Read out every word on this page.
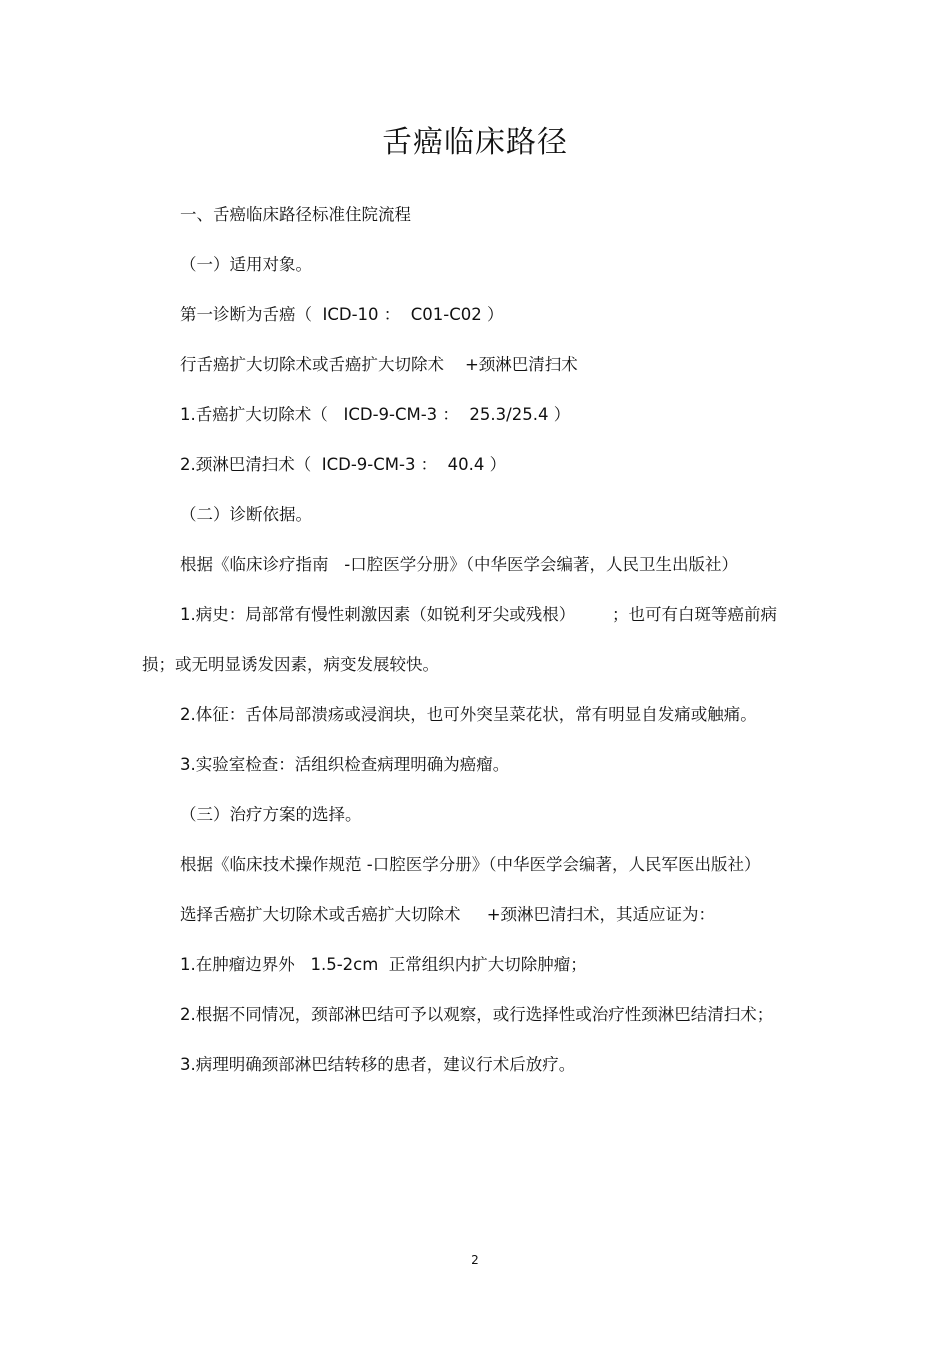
舌癌临床路径

一、舌癌临床路径标准住院流程

（一）适用对象。

第一诊断为舌癌（  ICD-10 ：  C01-C02 ）

行舌癌扩大切除术或舌癌扩大切除术    +颈淋巴清扫术

1.舌癌扩大切除术（   ICD-9-CM-3 ：  25.3/25.4 ）

2.颈淋巴清扫术（  ICD-9-CM-3 ：  40.4 ）

（二）诊断依据。

根据《临床诊疗指南   -口腔医学分册》（中华医学会编著，人民卫生出版社）

1.病史：局部常有慢性刺激因素（如锐利牙尖或残根）       ；也可有白斑等癌前病损；或无明显诱发因素，病变发展较快。

2.体征：舌体局部溃疡或浸润块，也可外突呈菜花状，常有明显自发痛或触痛。

3.实验室检查：活组织检查病理明确为癌瘤。

（三）治疗方案的选择。

根据《临床技术操作规范 -口腔医学分册》（中华医学会编著，人民军医出版社）

选择舌癌扩大切除术或舌癌扩大切除术     +颈淋巴清扫术，其适应证为：

1.在肿瘤边界外   1.5-2cm  正常组织内扩大切除肿瘤；

2.根据不同情况，颈部淋巴结可予以观察，或行选择性或治疗性颈淋巴结清扫术；

3.病理明确颈部淋巴结转移的患者，建议行术后放疗。

2
